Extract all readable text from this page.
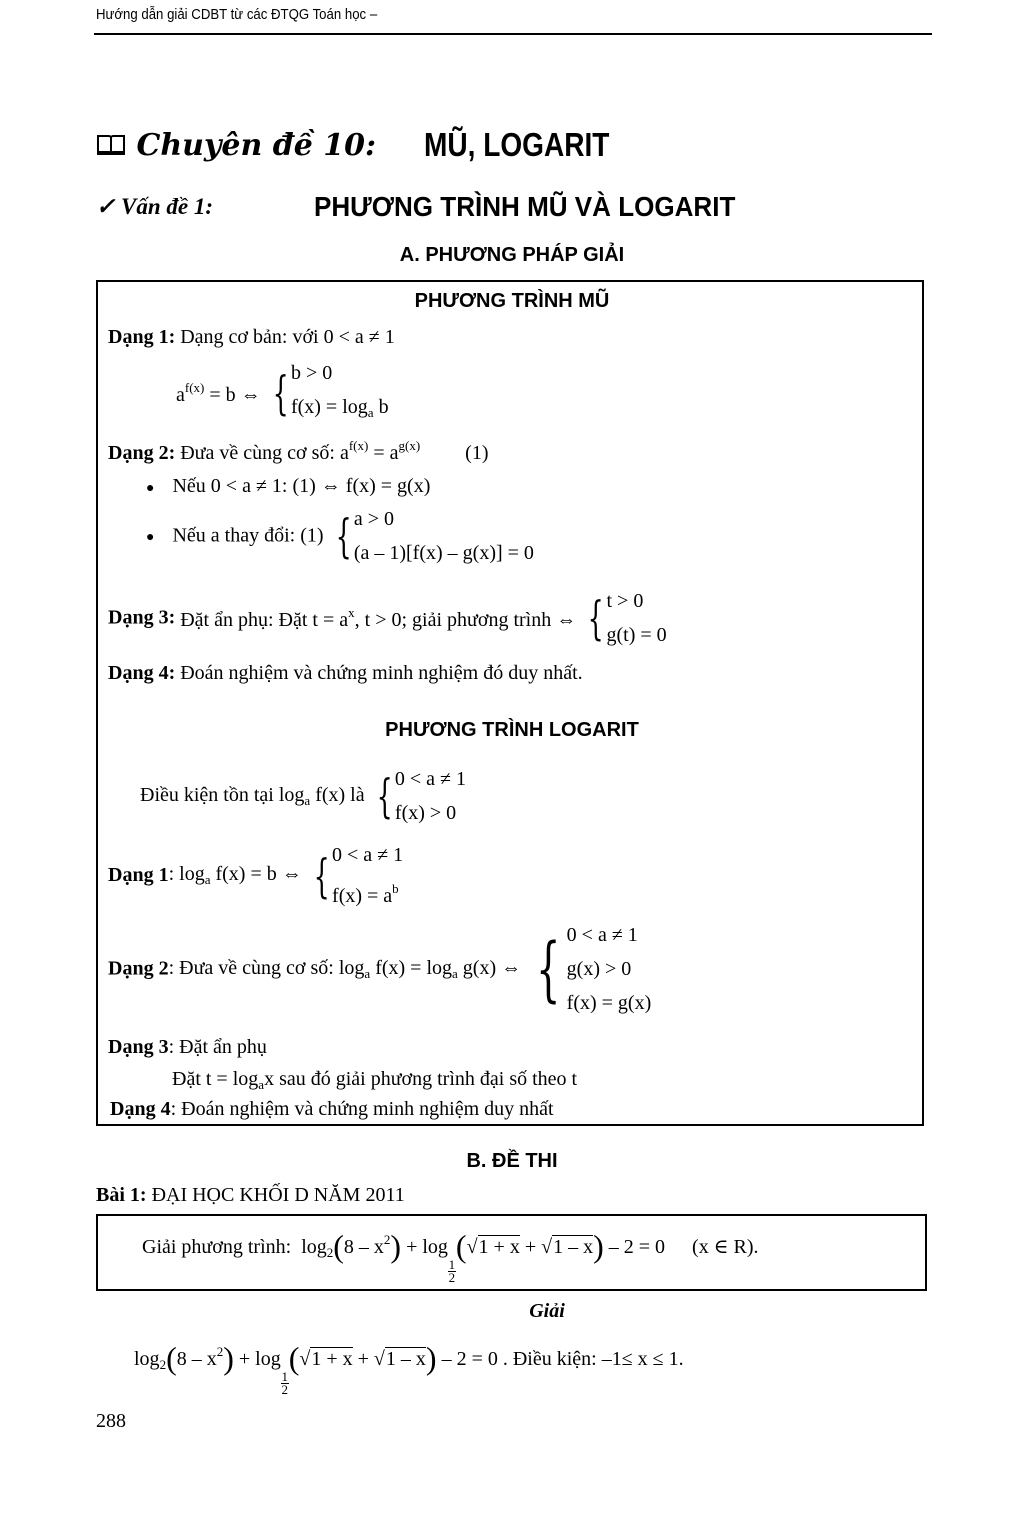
Hướng dẫn giải CDBT từ các ĐTQG Toán học –
Chuyên đề 10: MŨ, LOGARIT
✓ Vấn đề 1:	PHƯƠNG TRÌNH MŨ VÀ LOGARIT
A. PHƯƠNG PHÁP GIẢI
PHƯƠNG TRÌNH MŨ
Dạng 1: Dạng cơ bản: với 0 < a ≠ 1
$a^{f(x)} = b$ ⇔ { b > 0
$f(x) = \log_a b$
Dạng 2: Đưa về cùng cơ số: $a^{f(x)} = a^{g(x)}$ (1)
● Nếu 0 < a ≠ 1: (1) ⇔ f(x) = g(x)
● Nếu a thay đổi: (1) { a > 0
(a – 1)[f(x) – g(x)] = 0
Dạng 3: Đặt ẩn phụ: Đặt $t = a^x$, t > 0; giải phương trình ⇔ { t > 0
g(t) = 0
Dạng 4: Đoán nghiệm và chứng minh nghiệm đó duy nhất.
PHƯƠNG TRÌNH LOGARIT
Điều kiện tồn tại $\log_a f(x)$ là { 0 < a ≠ 1
f(x) > 0
Dạng 1: $\log_a f(x) = b$ ⇔ { 0 < a ≠ 1
$f(x) = a^b$
Dạng 2: Đưa về cùng cơ số: $\log_a f(x) = \log_a g(x)$ ⇔ { 0 < a ≠ 1
g(x) > 0
f(x) = g(x)
Dạng 3: Đặt ẩn phụ
Đặt $t = \log_ax$ sau đó giải phương trình đại số theo t
Dạng 4: Đoán nghiệm và chứng minh nghiệm duy nhất
B. ĐỀ THI
Bài 1: ĐẠI HỌC KHỐI D NĂM 2011
Giải phương trình: $\log_2(8 - x^2) + \log$
$\frac{1}{2}$
(√1 + x + √1 – x) – 2 = 0 (x ∈ R).
Giải
$\log_2(8 - x^2) + \log$
$\frac{1}{2}$
(√1 + x + √1 – x) – 2 = 0 . Điều kiện: –1≤ x ≤ 1.
288
